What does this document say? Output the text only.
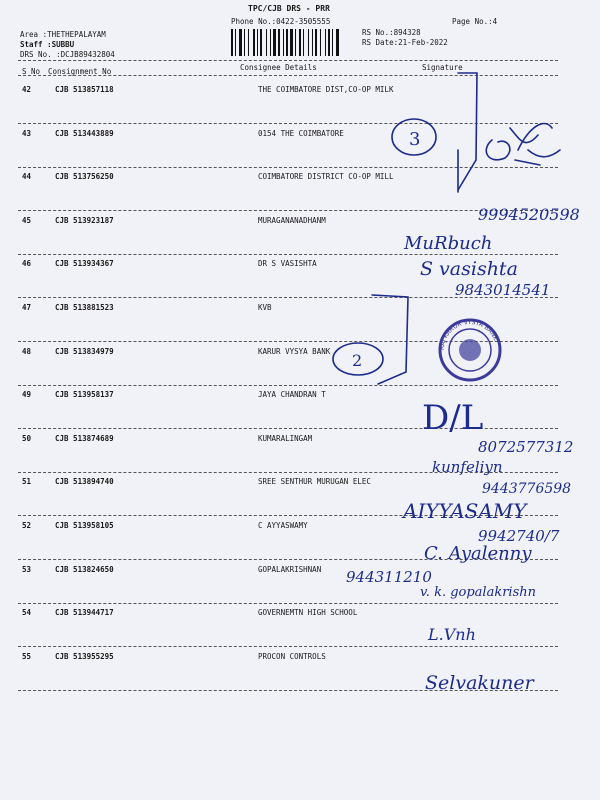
TPC/CJB DRS - PRR
Phone No.:0422-3505555	Page No.:4
Area :THETHEPALAYAM
Staff :SUBBU
DRS No. :DCJB89432804
RS No.:894328
RS Date:21-Feb-2022
S No Consignment No	Consignee Details	Signature
42	CJB 513857118	THE COIMBATORE DIST,CO-OP MILK
43	CJB 513443889	0154 THE COIMBATORE
44	CJB 513756250	COIMBATORE DISTRICT CO-OP MILL
45	CJB 513923187	MURAGANANADHANM
46	CJB 513934367	DR S VASISHTA
47	CJB 513881523	KVB
48	CJB 513834979	KARUR VYSYA BANK
49	CJB 513958137	JAYA CHANDRAN T
50	CJB 513874689	KUMARALINGAM
51	CJB 513894740	SREE SENTHUR MURUGAN ELEC
52	CJB 513958105	C AYYASWAMY
53	CJB 513824650	GOPALAKRISHNAN
54	CJB 513944717	GOVERNEMTN HIGH SCHOOL
55	CJB 513955295	PROCON CONTROLS
9994520598
MuRbuch
S vasishta
9843014541
D/L
8072577312
kunfeliyn
9443776598
AIYYASAMY
9942740/7
C. Ayalenny
944311210
v. k. gopalakrishn
L.Vnh
Selvakuner
3
2
RAJ KARUR VYSYA BANK
